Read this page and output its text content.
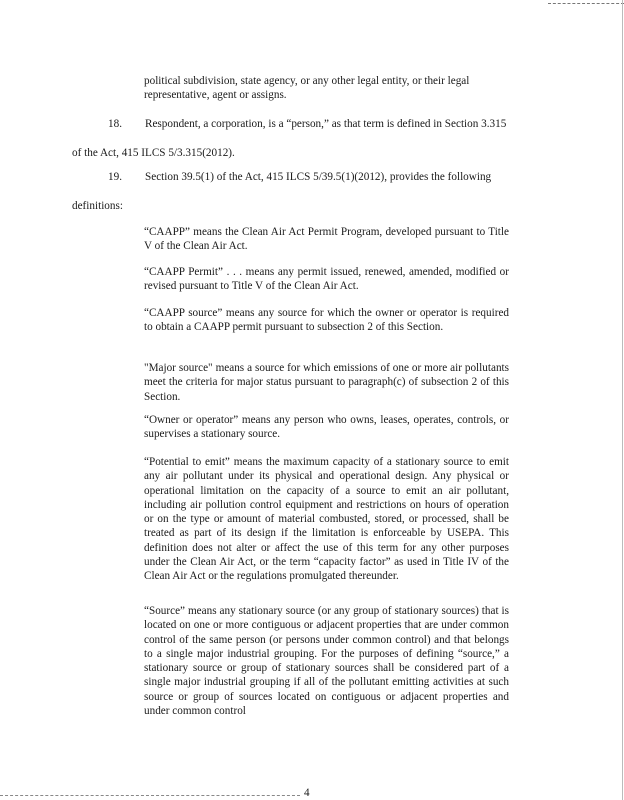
political subdivision, state agency, or any other legal entity, or their legal
representative, agent or assigns.
18. Respondent, a corporation, is a “person,” as that term is defined in Section 3.315
of the Act, 415 ILCS 5/3.315(2012).
19. Section 39.5(1) of the Act, 415 ILCS 5/39.5(1)(2012), provides the following
definitions:

“CAAPP” means the Clean Air Act Permit Program, developed pursuant to Title V of the Clean Air Act.

“CAAPP Permit” . . . means any permit issued, renewed, amended, modified or revised pursuant to Title V of the Clean Air Act.

“CAAPP source” means any source for which the owner or operator is required to obtain a CAAPP permit pursuant to subsection 2 of this Section.

"Major source" means a source for which emissions of one or more air pollutants meet the criteria for major status pursuant to paragraph(c) of subsection 2 of this Section.

“Owner or operator” means any person who owns, leases, operates, controls, or supervises a stationary source.

“Potential to emit” means the maximum capacity of a stationary source to emit any air pollutant under its physical and operational design. Any physical or operational limitation on the capacity of a source to emit an air pollutant, including air pollution control equipment and restrictions on hours of operation or on the type or amount of material combusted, stored, or processed, shall be treated as part of its design if the limitation is enforceable by USEPA. This definition does not alter or affect the use of this term for any other purposes under the Clean Air Act, or the term “capacity factor” as used in Title IV of the Clean Air Act or the regulations promulgated thereunder.

“Source” means any stationary source (or any group of stationary sources) that is located on one or more contiguous or adjacent properties that are under common control of the same person (or persons under common control) and that belongs to a single major industrial grouping. For the purposes of defining “source,” a stationary source or group of stationary sources shall be considered part of a single major industrial grouping if all of the pollutant emitting activities at such source or group of sources located on contiguous or adjacent properties and under common control

4
